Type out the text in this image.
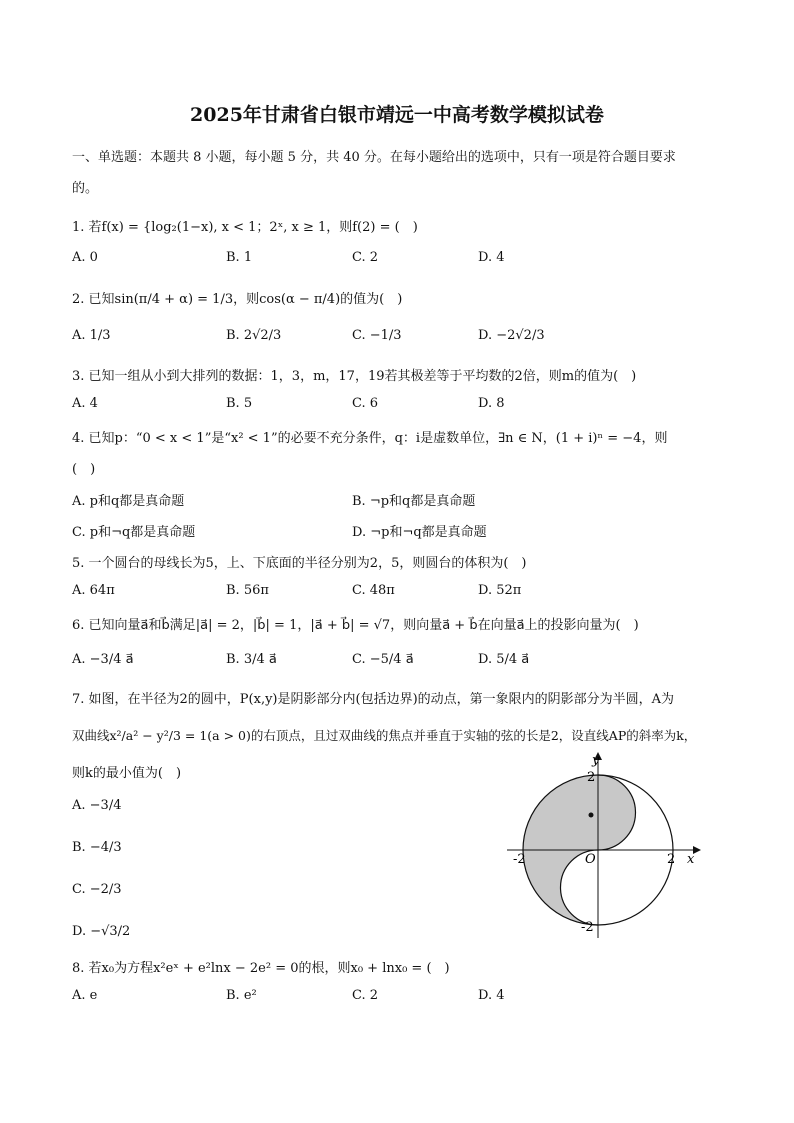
2025年甘肃省白银市靖远一中高考数学模拟试卷
一、单选题：本题共 8 小题，每小题 5 分，共 40 分。在每小题给出的选项中，只有一项是符合题目要求
的。
1. 若f(x) = {log₂(1−x), x < 1；2ˣ, x ≥ 1，则f(2) = (　)
A. 0	B. 1	C. 2	D. 4
2. 已知sin(π/4 + α) = 1/3，则cos(α − π/4)的值为(　)
A. 1/3	B. 2√2/3	C. −1/3	D. −2√2/3
3. 已知一组从小到大排列的数据：1，3，m，17，19若其极差等于平均数的2倍，则m的值为(　)
A. 4	B. 5	C. 6	D. 8
4. 已知p：“0 < x < 1”是“x² < 1”的必要不充分条件，q：i是虚数单位，∃n ∈ N，(1 + i)ⁿ = −4，则
(　)
A. p和q都是真命题	B. ¬p和q都是真命题
C. p和¬q都是真命题	D. ¬p和¬q都是真命题
5. 一个圆台的母线长为5，上、下底面的半径分别为2，5，则圆台的体积为(　)
A. 64π	B. 56π	C. 48π	D. 52π
6. 已知向量a⃗和b⃗满足|a⃗| = 2，|b⃗| = 1，|a⃗ + b⃗| = √7，则向量a⃗ + b⃗在向量a⃗上的投影向量为(　)
A. −3/4 a⃗	B. 3/4 a⃗	C. −5/4 a⃗	D. 5/4 a⃗
7. 如图，在半径为2的圆中，P(x,y)是阴影部分内(包括边界)的动点，第一象限内的阴影部分为半圆，A为
双曲线x²/a² − y²/3 = 1(a > 0)的右顶点，且过双曲线的焦点并垂直于实轴的弦的长是2，设直线AP的斜率为k，
则k的最小值为(　)
A. −3/4
B. −4/3
C. −2/3
D. −√3/2
y
x
2
-2
-2	2
O
8. 若x₀为方程x²eˣ + e²lnx − 2e² = 0的根，则x₀ + lnx₀ = (　)
A. e	B. e²	C. 2	D. 4
